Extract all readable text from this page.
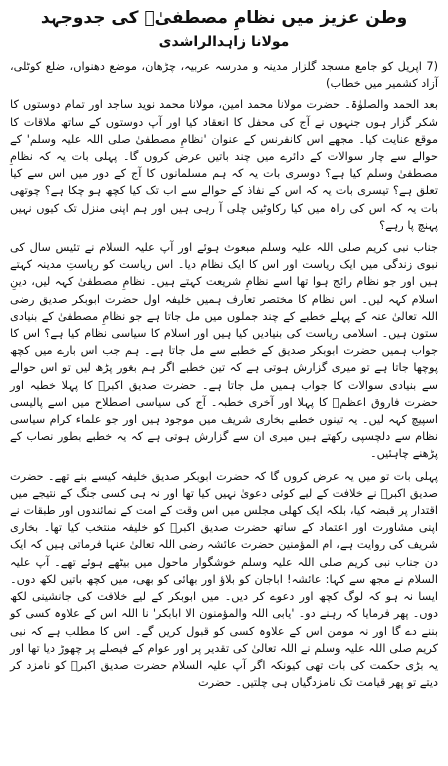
وطن عزیز میں نظامِ مصطفیٰؐ کی جدوجہد
مولانا زاہدالراشدی

(7 اپریل کو جامع مسجد گلزار مدینہ و مدرسہ عربیہ، چڑھان، موضع دھنواں، ضلع کوٹلی، آزاد کشمیر میں خطاب)

بعد الحمد والصلوٰۃ۔ حضرت مولانا محمد امین، مولانا محمد نوید ساجد اور تمام دوستوں کا شکر گزار ہوں جنہوں نے آج کی محفل کا انعقاد کیا اور آپ دوستوں کے ساتھ ملاقات کا موقع عنایت کیا۔ مجھے اس کانفرنس کے عنوان 'نظامِ مصطفیٰ صلی اللہ علیہ وسلم' کے حوالے سے چار سوالات کے دائرے میں چند باتیں عرض کروں گا۔ پہلی بات یہ کہ نظامِ مصطفیٰ وسلم کیا ہے؟ دوسری بات یہ کہ ہم مسلمانوں کا آج کے دور میں اس سے کیا تعلق ہے؟ تیسری بات یہ کہ اس کے نفاذ کے حوالے سے اب تک کیا کچھ ہو چکا ہے؟ چوتھی بات یہ کہ اس کی راہ میں کیا رکاوٹیں چلی آ رہی ہیں اور ہم اپنی منزل تک کیوں نہیں پہنچ پا رہے؟

جناب نبی کریم صلی اللہ علیہ وسلم مبعوث ہوئے اور آپ علیہ السلام نے تئیس سال کی نبوی زندگی میں ایک ریاست اور اس کا ایک نظام دیا۔ اس ریاست کو ریاستِ مدینہ کہتے ہیں اور جو نظام رائج ہوا تھا اسے نظامِ شریعت کہتے ہیں۔ نظامِ مصطفیٰ کہہ لیں، دینِ اسلام کہہ لیں۔ اس نظام کا مختصر تعارف ہمیں خلیفہ اول حضرت ابوبکر صدیق رضی اللہ تعالیٰ عنہ کے پہلے خطبے کے چند جملوں میں مل جاتا ہے جو نظامِ مصطفیٰ کے بنیادی ستون ہیں۔ اسلامی ریاست کی بنیادیں کیا ہیں اور اسلام کا سیاسی نظام کیا ہے؟ اس کا جواب ہمیں حضرت ابوبکر صدیق کے خطبے سے مل جاتا ہے۔ ہم جب اس بارے میں کچھ پوچھا جاتا ہے تو میری گزارش ہوتی ہے کہ تین خطبے اگر ہم بغور پڑھ لیں تو اس حوالے سے بنیادی سوالات کا جواب ہمیں مل جاتا ہے۔ حضرت صدیق اکبرؓ کا پہلا خطبہ اور حضرت فاروق اعظمؓ کا پہلا اور آخری خطبہ۔ آج کی سیاسی اصطلاح میں اسے پالیسی اسپیچ کہہ لیں۔ یہ تینوں خطبے بخاری شریف میں موجود ہیں اور جو علماء کرام سیاسی نظام سے دلچسپی رکھتے ہیں میری ان سے گزارش ہوتی ہے کہ یہ خطبے بطور نصاب کے پڑھنے چاہئیں۔

پہلی بات تو میں یہ عرض کروں گا کہ حضرت ابوبکر صدیق خلیفہ کیسے بنے تھے۔ حضرت صدیق اکبرؓ نے خلافت کے لیے کوئی دعویٰ نہیں کیا تھا اور نہ ہی کسی جنگ کے نتیجے میں اقتدار پر قبضہ کیا، بلکہ ایک کھلی مجلس میں اس وقت کے امت کے نمائندوں اور طبقات نے اپنی مشاورت اور اعتماد کے ساتھ حضرت صدیق اکبرؓ کو خلیفہ منتخب کیا تھا۔ بخاری شریف کی روایت ہے، ام المؤمنین حضرت عائشہ رضی اللہ تعالیٰ عنہا فرماتی ہیں کہ ایک دن جناب نبی کریم صلی اللہ علیہ وسلم خوشگوار ماحول میں بیٹھے ہوئے تھے۔ آپ علیہ السلام نے مجھ سے کہا: عائشہ! اباجان کو بلاؤ اور بھائی کو بھی، میں کچھ باتیں لکھ دوں۔ ایسا نہ ہو کہ لوگ کچھ اور دعوے کر دیں۔ میں ابوبکر کے لیے خلافت کی جانشینی لکھ دوں۔ پھر فرمایا کہ رہنے دو۔ 'یابی اللہ والمؤمنون الا ابابکر' نا اللہ اس کے علاوہ کسی کو بننے دے گا اور نہ مومن اس کے علاوہ کسی کو قبول کریں گے۔ اس کا مطلب ہے کہ نبی کریم صلی اللہ علیہ وسلم نے اللہ تعالیٰ کی تقدیر پر اور عوام کے فیصلے پر چھوڑ دیا تھا اور یہ بڑی حکمت کی بات تھی کیونکہ اگر آپ علیہ السلام حضرت صدیق اکبرؓ کو نامزد کر دیتے تو پھر قیامت تک نامزدگیاں ہی چلتیں۔ حضرت
